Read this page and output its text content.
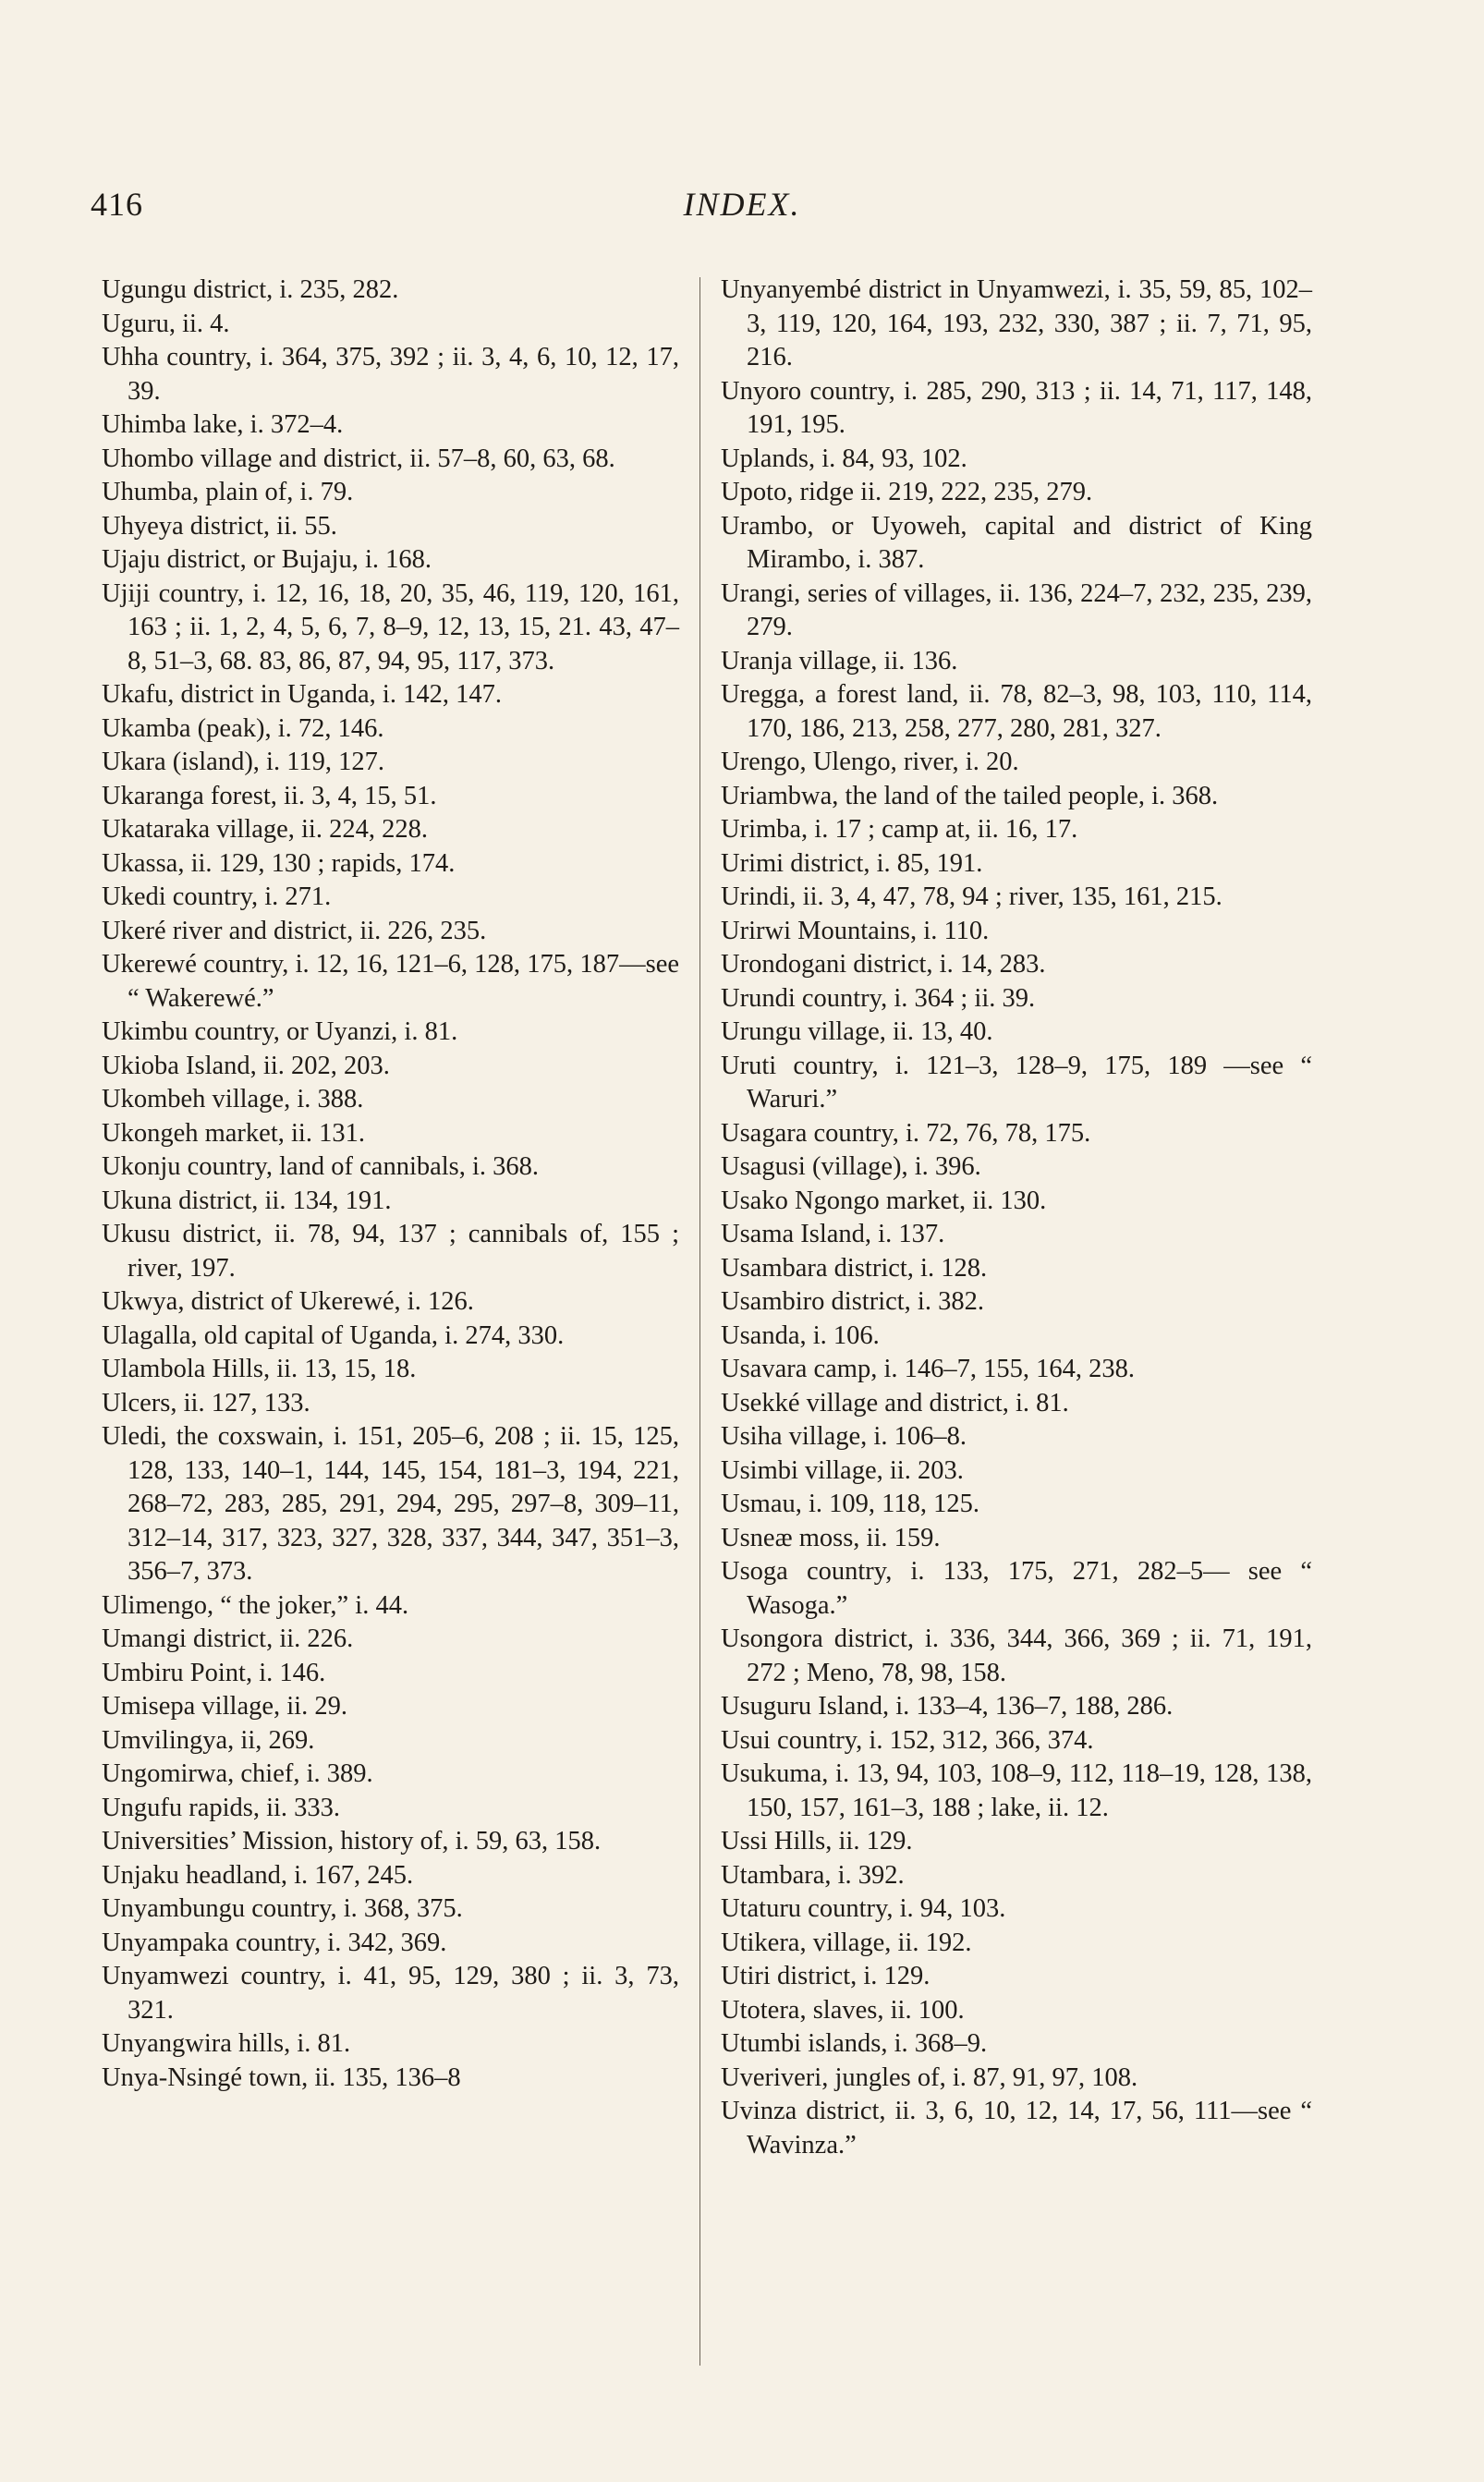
416	INDEX.

Ugungu district, i. 235, 282.

Uguru, ii. 4.

Uhha country, i. 364, 375, 392 ; ii. 3, 4, 6, 10, 12, 17, 39.

Uhimba lake, i. 372–4.

Uhombo village and district, ii. 57–8, 60, 63, 68.

Uhumba, plain of, i. 79.

Uhyeya district, ii. 55.

Ujaju district, or Bujaju, i. 168.

Ujiji country, i. 12, 16, 18, 20, 35, 46, 119, 120, 161, 163 ; ii. 1, 2, 4, 5, 6, 7, 8–9, 12, 13, 15, 21. 43, 47–8, 51–3, 68. 83, 86, 87, 94, 95, 117, 373.

Ukafu, district in Uganda, i. 142, 147.

Ukamba (peak), i. 72, 146.

Ukara (island), i. 119, 127.

Ukaranga forest, ii. 3, 4, 15, 51.

Ukataraka village, ii. 224, 228.

Ukassa, ii. 129, 130 ; rapids, 174.

Ukedi country, i. 271.

Ukeré river and district, ii. 226, 235.

Ukerewé country, i. 12, 16, 121–6, 128, 175, 187—see “ Wakerewé.”

Ukimbu country, or Uyanzi, i. 81.

Ukioba Island, ii. 202, 203.

Ukombeh village, i. 388.

Ukongeh market, ii. 131.

Ukonju country, land of cannibals, i. 368.

Ukuna district, ii. 134, 191.

Ukusu district, ii. 78, 94, 137 ; cannibals of, 155 ; river, 197.

Ukwya, district of Ukerewé, i. 126.

Ulagalla, old capital of Uganda, i. 274, 330.

Ulambola Hills, ii. 13, 15, 18.

Ulcers, ii. 127, 133.

Uledi, the coxswain, i. 151, 205–6, 208 ; ii. 15, 125, 128, 133, 140–1, 144, 145, 154, 181–3, 194, 221, 268–72, 283, 285, 291, 294, 295, 297–8, 309–11, 312–14, 317, 323, 327, 328, 337, 344, 347, 351–3, 356–7, 373.

Ulimengo, “ the joker,” i. 44.

Umangi district, ii. 226.

Umbiru Point, i. 146.

Umisepa village, ii. 29.

Umvilingya, ii, 269.

Ungomirwa, chief, i. 389.

Ungufu rapids, ii. 333.

Universities’ Mission, history of, i. 59, 63, 158.

Unjaku headland, i. 167, 245.

Unyambungu country, i. 368, 375.

Unyampaka country, i. 342, 369.

Unyamwezi country, i. 41, 95, 129, 380 ; ii. 3, 73, 321.

Unyangwira hills, i. 81.

Unya-Nsingé town, ii. 135, 136–8

Unyanyembé district in Unyamwezi, i. 35, 59, 85, 102–3, 119, 120, 164, 193, 232, 330, 387 ; ii. 7, 71, 95, 216.

Unyoro country, i. 285, 290, 313 ; ii. 14, 71, 117, 148, 191, 195.

Uplands, i. 84, 93, 102.

Upoto, ridge ii. 219, 222, 235, 279.

Urambo, or Uyoweh, capital and district of King Mirambo, i. 387.

Urangi, series of villages, ii. 136, 224–7, 232, 235, 239, 279.

Uranja village, ii. 136.

Uregga, a forest land, ii. 78, 82–3, 98, 103, 110, 114, 170, 186, 213, 258, 277, 280, 281, 327.

Urengo, Ulengo, river, i. 20.

Uriambwa, the land of the tailed people, i. 368.

Urimba, i. 17 ; camp at, ii. 16, 17.

Urimi district, i. 85, 191.

Urindi, ii. 3, 4, 47, 78, 94 ; river, 135, 161, 215.

Urirwi Mountains, i. 110.

Urondogani district, i. 14, 283.

Urundi country, i. 364 ; ii. 39.

Urungu village, ii. 13, 40.

Uruti country, i. 121–3, 128–9, 175, 189 —see “ Waruri.”

Usagara country, i. 72, 76, 78, 175.

Usagusi (village), i. 396.

Usako Ngongo market, ii. 130.

Usama Island, i. 137.

Usambara district, i. 128.

Usambiro district, i. 382.

Usanda, i. 106.

Usavara camp, i. 146–7, 155, 164, 238.

Usekké village and district, i. 81.

Usiha village, i. 106–8.

Usimbi village, ii. 203.

Usmau, i. 109, 118, 125.

Usneæ moss, ii. 159.

Usoga country, i. 133, 175, 271, 282–5— see “ Wasoga.”

Usongora district, i. 336, 344, 366, 369 ; ii. 71, 191, 272 ; Meno, 78, 98, 158.

Usuguru Island, i. 133–4, 136–7, 188, 286.

Usui country, i. 152, 312, 366, 374.

Usukuma, i. 13, 94, 103, 108–9, 112, 118–19, 128, 138, 150, 157, 161–3, 188 ; lake, ii. 12.

Ussi Hills, ii. 129.

Utambara, i. 392.

Utaturu country, i. 94, 103.

Utikera, village, ii. 192.

Utiri district, i. 129.

Utotera, slaves, ii. 100.

Utumbi islands, i. 368–9.

Uveriveri, jungles of, i. 87, 91, 97, 108.

Uvinza district, ii. 3, 6, 10, 12, 14, 17, 56, 111—see “ Wavinza.”
